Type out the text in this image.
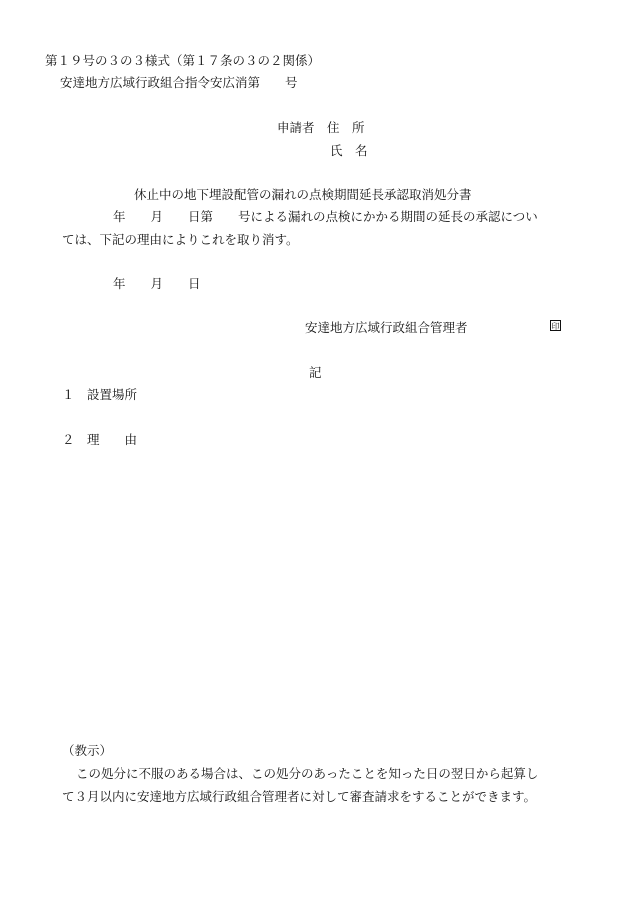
第１９号の３の３様式（第１７条の３の２関係）
安達地方広域行政組合指令安広消第　　号
申請者　住　所
氏　名
休止中の地下埋設配管の漏れの点検期間延長承認取消処分書
年　　月　　日第　　号による漏れの点検にかかる期間の延長の承認につい
ては、下記の理由によりこれを取り消す。
年　　月　　日
安達地方広域行政組合管理者	印
記
１　設置場所
２　理　　由
（教示）
この処分に不服のある場合は、この処分のあったことを知った日の翌日から起算し
て３月以内に安達地方広域行政組合管理者に対して審査請求をすることができます。
